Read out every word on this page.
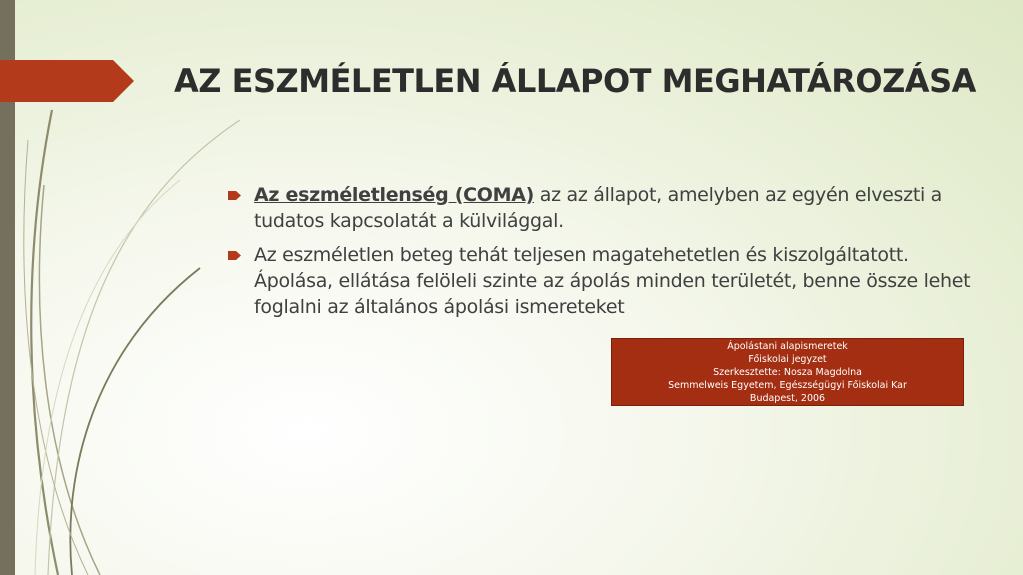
AZ ESZMÉLETLEN ÁLLAPOT MEGHATÁROZÁSA
Az eszméletlenség (COMA) az az állapot, amelyben az egyén elveszti a tudatos kapcsolatát a külvilággal.
Az eszméletlen beteg tehát teljesen magatehetetlen és kiszolgáltatott. Ápolása, ellátása felöleli szinte az ápolás minden területét, benne össze lehet foglalni az általános ápolási ismereteket
Ápolástani alapismeretek
Főiskolai jegyzet
Szerkesztette: Nosza Magdolna
Semmelweis Egyetem, Egészségügyi Főiskolai Kar
Budapest, 2006
